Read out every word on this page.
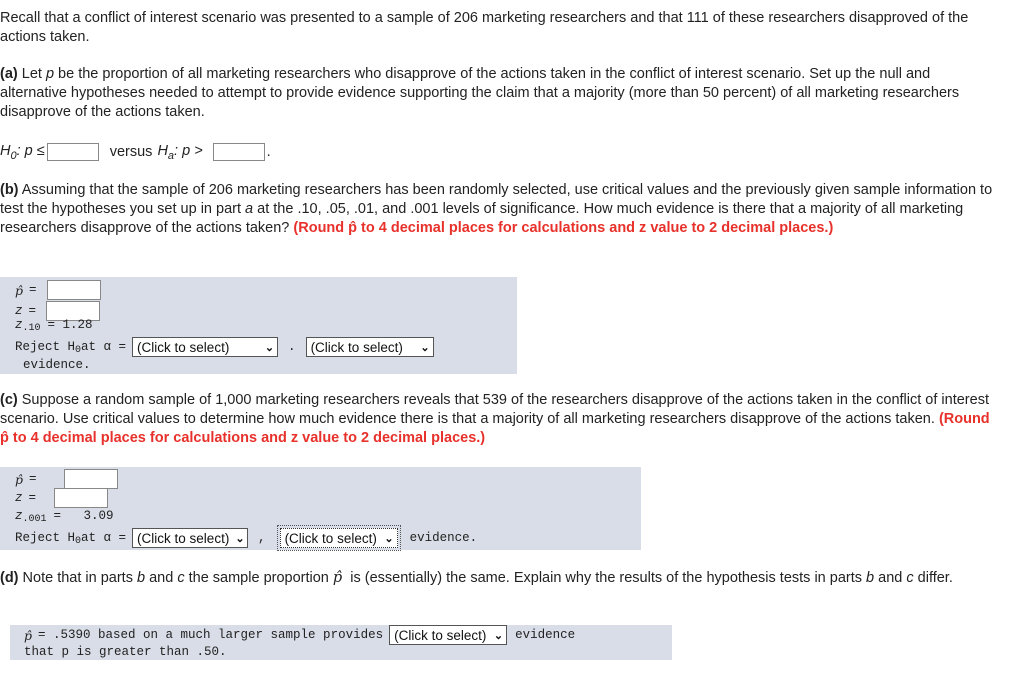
Recall that a conflict of interest scenario was presented to a sample of 206 marketing researchers and that 111 of these researchers disapproved of the actions taken.

(a) Let p be the proportion of all marketing researchers who disapprove of the actions taken in the conflict of interest scenario. Set up the null and alternative hypotheses needed to attempt to provide evidence supporting the claim that a majority (more than 50 percent) of all marketing researchers disapprove of the actions taken.

$H_0$: p ≤	versus $H_a$: p >	.

(b) Assuming that the sample of 206 marketing researchers has been randomly selected, use critical values and the previously given sample information to test the hypotheses you set up in part a at the .10, .05, .01, and .001 levels of significance. How much evidence is there that a majority of all marketing researchers disapprove of the actions taken? (Round p̂ to 4 decimal places for calculations and z value to 2 decimal places.)

p̂ =
z =
z .10 = 1.28
Reject H 0 at α = (Click to select)	⌄ . (Click to select) ⌄
evidence.

(c) Suppose a random sample of 1,000 marketing researchers reveals that 539 of the researchers disapprove of the actions taken in the conflict of interest scenario. Use critical values to determine how much evidence there is that a majority of all marketing researchers disapprove of the actions taken. (Round p̂ to 4 decimal places for calculations and z value to 2 decimal places.)

p̂ =
z =
z .001 =   3.09
Reject H 0 at α = (Click to select) ⌄ , (Click to select) ⌄ evidence.

(d) Note that in parts b and c the sample proportion p̂  is (essentially) the same. Explain why the results of the hypothesis tests in parts b and c differ.

p̂ = .5390 based on a much larger sample provides (Click to select) ⌄ evidence
that p is greater than .50.
